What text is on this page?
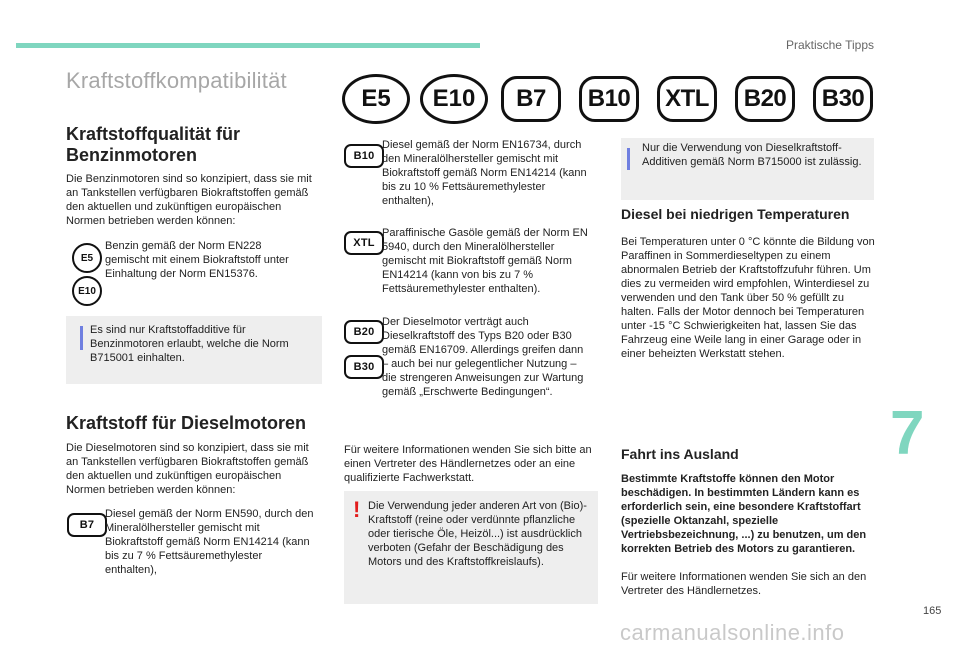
Praktische Tipps
Kraftstoffkompatibilität
E5	E10	B7	B10	XTL	B20	B30
Kraftstoffqualität für Benzinmotoren
Die Benzinmotoren sind so konzipiert, dass sie mit an Tankstellen verfügbaren Biokraftstoffen gemäß den aktuellen und zukünftigen europäischen Normen betrieben werden können:
E5
E10
Benzin gemäß der Norm EN228 gemischt mit einem Biokraftstoff unter Einhaltung der Norm EN15376.
Es sind nur Kraftstoffadditive für Benzinmotoren erlaubt, welche die Norm B715001 einhalten.
Kraftstoff für Dieselmotoren
Die Dieselmotoren sind so konzipiert, dass sie mit an Tankstellen verfügbaren Biokraftstoffen gemäß den aktuellen und zukünftigen europäischen Normen betrieben werden können:
B7
Diesel gemäß der Norm EN590, durch den Mineralölhersteller gemischt mit Biokraftstoff gemäß Norm EN14214 (kann bis zu 7 % Fettsäuremethylester enthalten),
B10
Diesel gemäß der Norm EN16734, durch den Mineralölhersteller gemischt mit Biokraftstoff gemäß Norm EN14214 (kann bis zu 10 % Fettsäuremethylester enthalten),
XTL
Paraffinische Gasöle gemäß der Norm EN 5940, durch den Mineralölhersteller gemischt mit Biokraftstoff gemäß Norm EN14214 (kann von bis zu 7 % Fettsäuremethylester enthalten).
B20
B30
Der Dieselmotor verträgt auch Dieselkraftstoff des Typs B20 oder B30 gemäß EN16709. Allerdings greifen dann – auch bei nur gelegentlicher Nutzung – die strengeren Anweisungen zur Wartung gemäß „Erschwerte Bedingungen“.
Für weitere Informationen wenden Sie sich bitte an einen Vertreter des Händlernetzes oder an eine qualifizierte Fachwerkstatt.
! Die Verwendung jeder anderen Art von (Bio)-Kraftstoff (reine oder verdünnte pflanzliche oder tierische Öle, Heizöl...) ist ausdrücklich verboten (Gefahr der Beschädigung des Motors und des Kraftstoffkreislaufs).
Nur die Verwendung von Dieselkraftstoff-Additiven gemäß Norm B715000 ist zulässig.
Diesel bei niedrigen Temperaturen
Bei Temperaturen unter 0 °C könnte die Bildung von Paraffinen in Sommerdieseltypen zu einem abnormalen Betrieb der Kraftstoffzufuhr führen. Um dies zu vermeiden wird empfohlen, Winterdiesel zu verwenden und den Tank über 50 % gefüllt zu halten. Falls der Motor dennoch bei Temperaturen unter -15 °C Schwierigkeiten hat, lassen Sie das Fahrzeug eine Weile lang in einer Garage oder in einer beheizten Werkstatt stehen.
Fahrt ins Ausland
Bestimmte Kraftstoffe können den Motor beschädigen. In bestimmten Ländern kann es erforderlich sein, eine besondere Kraftstoffart (spezielle Oktanzahl, spezielle Vertriebsbezeichnung, ...) zu benutzen, um den korrekten Betrieb des Motors zu garantieren.
Für weitere Informationen wenden Sie sich an den Vertreter des Händlernetzes.
7
165
carmanualsonline.info
